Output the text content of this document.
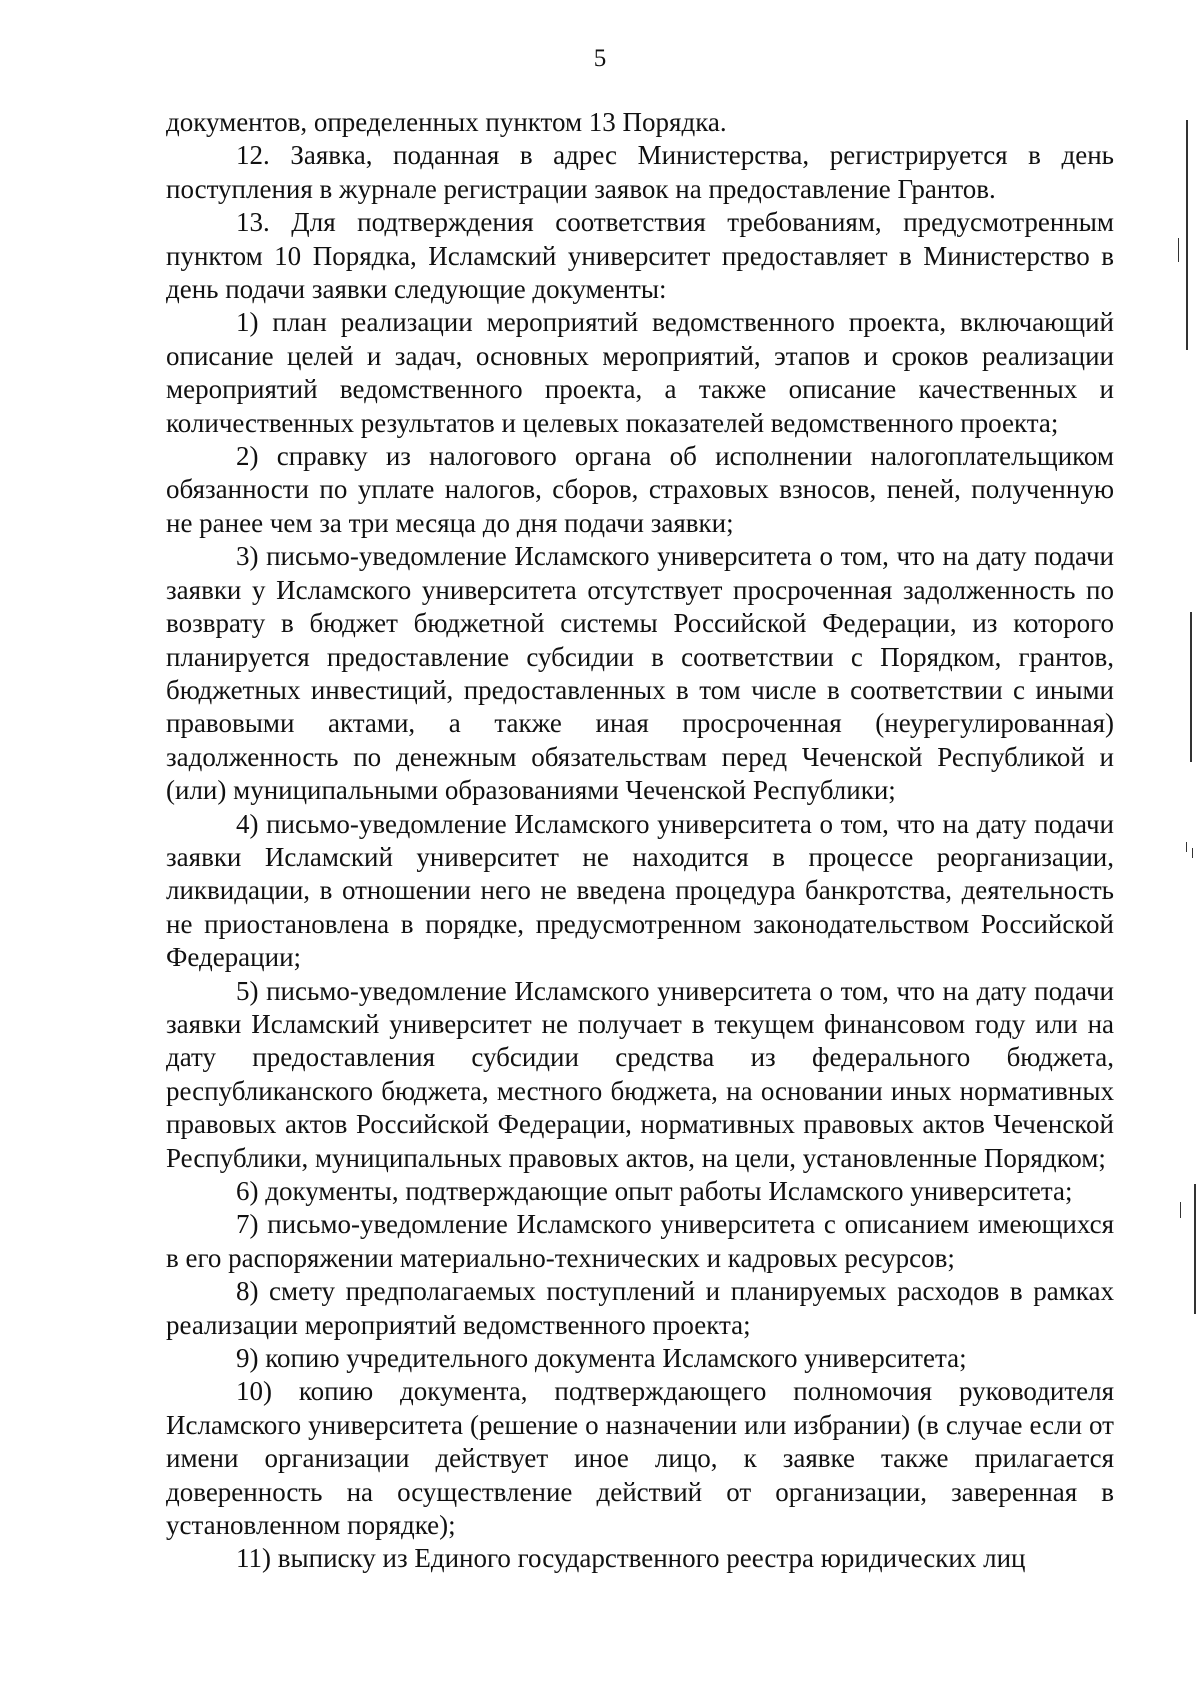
5

документов, определенных пунктом 13 Порядка.

12. Заявка, поданная в адрес Министерства, регистрируется в день поступления в журнале регистрации заявок на предоставление Грантов.

13. Для подтверждения соответствия требованиям, предусмотренным пунктом 10 Порядка, Исламский университет предоставляет в Министерство в день подачи заявки следующие документы:

1) план реализации мероприятий ведомственного проекта, включающий описание целей и задач, основных мероприятий, этапов и сроков реализации мероприятий ведомственного проекта, а также описание качественных и количественных результатов и целевых показателей ведомственного проекта;

2) справку из налогового органа об исполнении налогоплательщиком обязанности по уплате налогов, сборов, страховых взносов, пеней, полученную не ранее чем за три месяца до дня подачи заявки;

3) письмо-уведомление Исламского университета о том, что на дату подачи заявки у Исламского университета отсутствует просроченная задолженность по возврату в бюджет бюджетной системы Российской Федерации, из которого планируется предоставление субсидии в соответствии с Порядком, грантов, бюджетных инвестиций, предоставленных в том числе в соответствии с иными правовыми актами, а также иная просроченная (неурегулированная) задолженность по денежным обязательствам перед Чеченской Республикой и (или) муниципальными образованиями Чеченской Республики;

4) письмо-уведомление Исламского университета о том, что на дату подачи заявки Исламский университет не находится в процессе реорганизации, ликвидации, в отношении него не введена процедура банкротства, деятельность не приостановлена в порядке, предусмотренном законодательством Российской Федерации;

5) письмо-уведомление Исламского университета о том, что на дату подачи заявки Исламский университет не получает в текущем финансовом году или на дату предоставления субсидии средства из федерального бюджета, республиканского бюджета, местного бюджета, на основании иных нормативных правовых актов Российской Федерации, нормативных правовых актов Чеченской Республики, муниципальных правовых актов, на цели, установленные Порядком;

6) документы, подтверждающие опыт работы Исламского университета;

7) письмо-уведомление Исламского университета с описанием имеющихся в его распоряжении материально-технических и кадровых ресурсов;

8) смету предполагаемых поступлений и планируемых расходов в рамках реализации мероприятий ведомственного проекта;

9) копию учредительного документа Исламского университета;

10) копию документа, подтверждающего полномочия руководителя Исламского университета (решение о назначении или избрании) (в случае если от имени организации действует иное лицо, к заявке также прилагается доверенность на осуществление действий от организации, заверенная в установленном порядке);

11) выписку из Единого государственного реестра юридических лиц
